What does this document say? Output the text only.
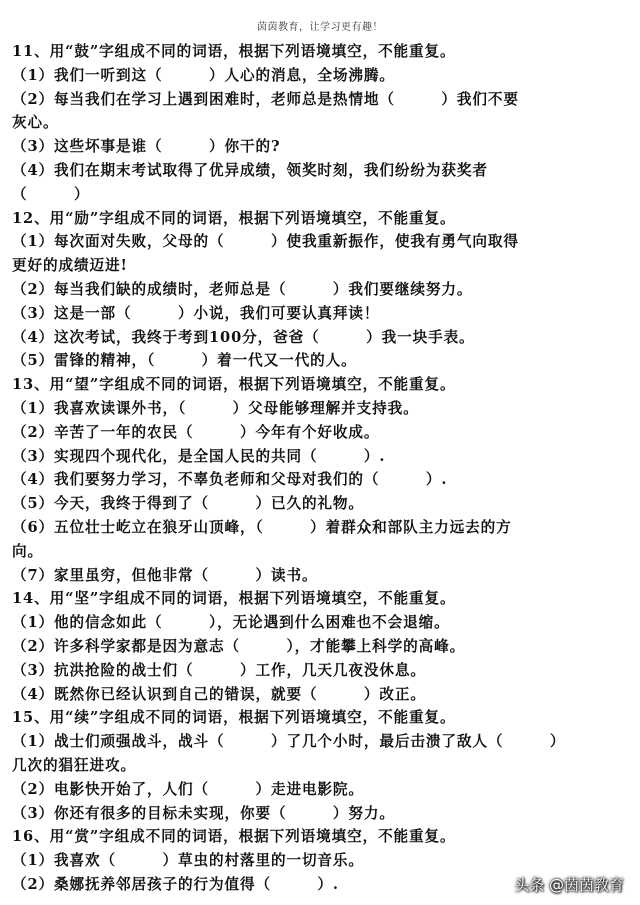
茵茵教育，让学习更有趣！
11、用“鼓”字组成不同的词语，根据下列语境填空，不能重复。
（1）我们一听到这（　　　）人心的消息，全场沸腾。
（2）每当我们在学习上遇到困难时，老师总是热情地（　　　）我们不要
灰心。
（3）这些坏事是谁（　　　）你干的?
（4）我们在期末考试取得了优异成绩，领奖时刻，我们纷纷为获奖者
（　　　）
12、用“励”字组成不同的词语，根据下列语境填空，不能重复。
（1）每次面对失败，父母的（　　　）使我重新振作，使我有勇气向取得
更好的成绩迈进!
（2）每当我们缺的成绩时，老师总是（　　　）我们要继续努力。
（3）这是一部（　　　）小说，我们可要认真拜读！
（4）这次考试，我终于考到100分，爸爸（　　　）我一块手表。
（5）雷锋的精神，（　　　）着一代又一代的人。
13、用“望”字组成不同的词语，根据下列语境填空，不能重复。
（1）我喜欢读课外书，（　　　）父母能够理解并支持我。
（2）辛苦了一年的农民（　　　）今年有个好收成。
（3）实现四个现代化，是全国人民的共同（　　　）.
（4）我们要努力学习，不辜负老师和父母对我们的（　　　）.
（5）今天，我终于得到了（　　　）已久的礼物。
（6）五位壮士屹立在狼牙山顶峰，（　　　）着群众和部队主力远去的方
向。
（7）家里虽穷，但他非常（　　　）读书。
14、用“坚”字组成不同的词语，根据下列语境填空，不能重复。
（1）他的信念如此（　　　），无论遇到什么困难也不会退缩。
（2）许多科学家都是因为意志（　　　），才能攀上科学的高峰。
（3）抗洪抢险的战士们（　　　）工作，几天几夜没休息。
（4）既然你已经认识到自己的错误，就要（　　　）改正。
15、用“续”字组成不同的词语，根据下列语境填空，不能重复。
（1）战士们顽强战斗，战斗（　　　）了几个小时，最后击溃了敌人（　　　）
几次的猖狂进攻。
（2）电影快开始了，人们（　　　）走进电影院。
（3）你还有很多的目标未实现，你要（　　　）努力。
16、用“赏”字组成不同的词语，根据下列语境填空，不能重复。
（1）我喜欢（　　　）草虫的村落里的一切音乐。
（2）桑娜抚养邻居孩子的行为值得（　　　）.	头条 @茵茵教育
